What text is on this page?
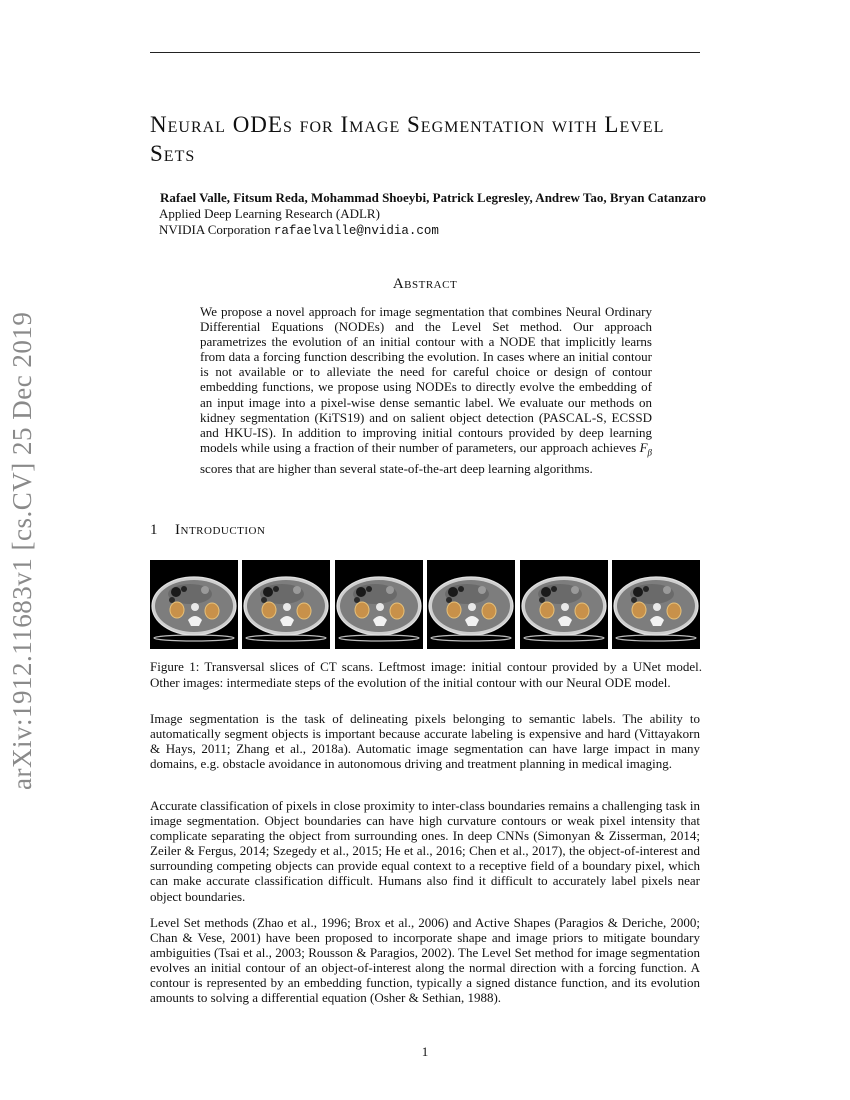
arXiv:1912.11683v1 [cs.CV] 25 Dec 2019
Neural ODEs for Image Segmentation with Level Sets
Rafael Valle, Fitsum Reda, Mohammad Shoeybi, Patrick Legresley, Andrew Tao, Bryan Catanzaro
Applied Deep Learning Research (ADLR)
NVIDIA Corporation rafaelvalle@nvidia.com
Abstract
We propose a novel approach for image segmentation that combines Neural Ordinary Differential Equations (NODEs) and the Level Set method. Our approach parametrizes the evolution of an initial contour with a NODE that implicitly learns from data a forcing function describing the evolution. In cases where an initial contour is not available or to alleviate the need for careful choice or design of contour embedding functions, we propose using NODEs to directly evolve the embedding of an input image into a pixel-wise dense semantic label. We evaluate our methods on kidney segmentation (KiTS19) and on salient object detection (PASCAL-S, ECSSD and HKU-IS). In addition to improving initial contours provided by deep learning models while using a fraction of their number of parameters, our approach achieves $F_\beta$ scores that are higher than several state-of-the-art deep learning algorithms.
1 Introduction
Figure 1: Transversal slices of CT scans. Leftmost image: initial contour provided by a UNet model. Other images: intermediate steps of the evolution of the initial contour with our Neural ODE model.
Image segmentation is the task of delineating pixels belonging to semantic labels. The ability to automatically segment objects is important because accurate labeling is expensive and hard (Vittayakorn & Hays, 2011; Zhang et al., 2018a). Automatic image segmentation can have large impact in many domains, e.g. obstacle avoidance in autonomous driving and treatment planning in medical imaging.
Accurate classification of pixels in close proximity to inter-class boundaries remains a challenging task in image segmentation. Object boundaries can have high curvature contours or weak pixel intensity that complicate separating the object from surrounding ones. In deep CNNs (Simonyan & Zisserman, 2014; Zeiler & Fergus, 2014; Szegedy et al., 2015; He et al., 2016; Chen et al., 2017), the object-of-interest and surrounding competing objects can provide equal context to a receptive field of a boundary pixel, which can make accurate classification difficult. Humans also find it difficult to accurately label pixels near object boundaries.
Level Set methods (Zhao et al., 1996; Brox et al., 2006) and Active Shapes (Paragios & Deriche, 2000; Chan & Vese, 2001) have been proposed to incorporate shape and image priors to mitigate boundary ambiguities (Tsai et al., 2003; Rousson & Paragios, 2002). The Level Set method for image segmentation evolves an initial contour of an object-of-interest along the normal direction with a forcing function. A contour is represented by an embedding function, typically a signed distance function, and its evolution amounts to solving a differential equation (Osher & Sethian, 1988).
1
